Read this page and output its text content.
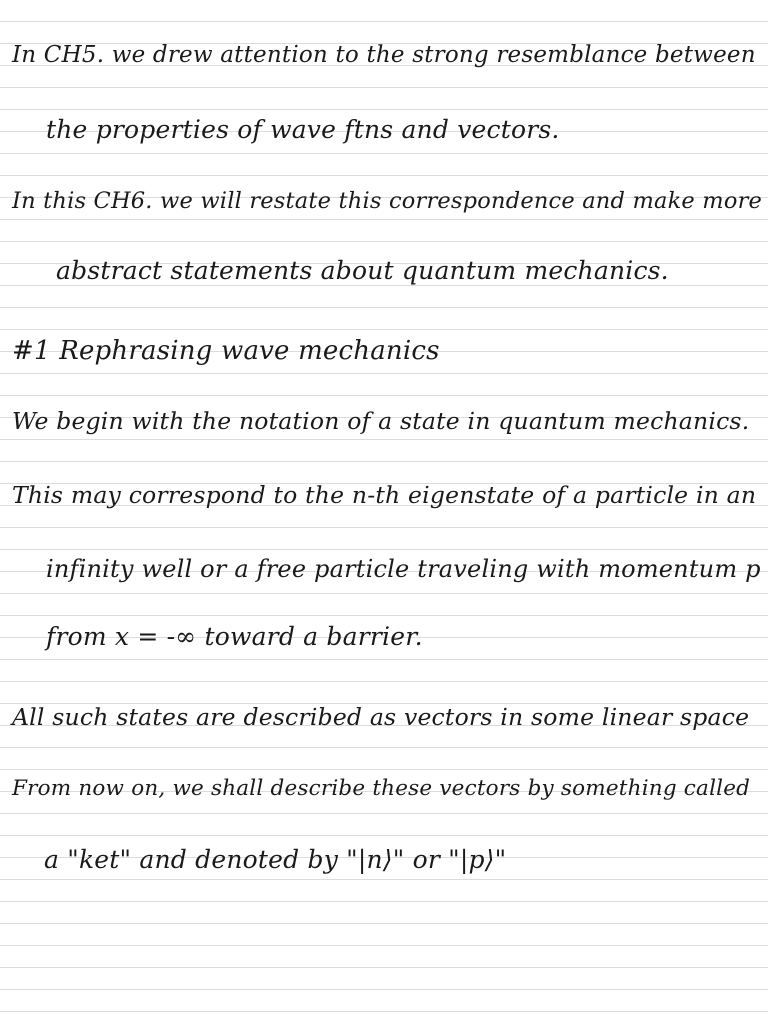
In CH5. we drew attention to the strong resemblance between
the properties of wave ftns and vectors.
In this CH6. we will restate this correspondence and make more
abstract statements about quantum mechanics.
#1 Rephrasing wave mechanics
We begin with the notation of a state in quantum mechanics.
This may correspond to the n-th eigenstate of a particle in an
infinity well or a free particle traveling with momentum p
from x = -∞ toward a barrier.
All such states are described as vectors in some linear space
From now on, we shall describe these vectors by something called
a "ket" and denoted by "|n⟩" or "|p⟩"
